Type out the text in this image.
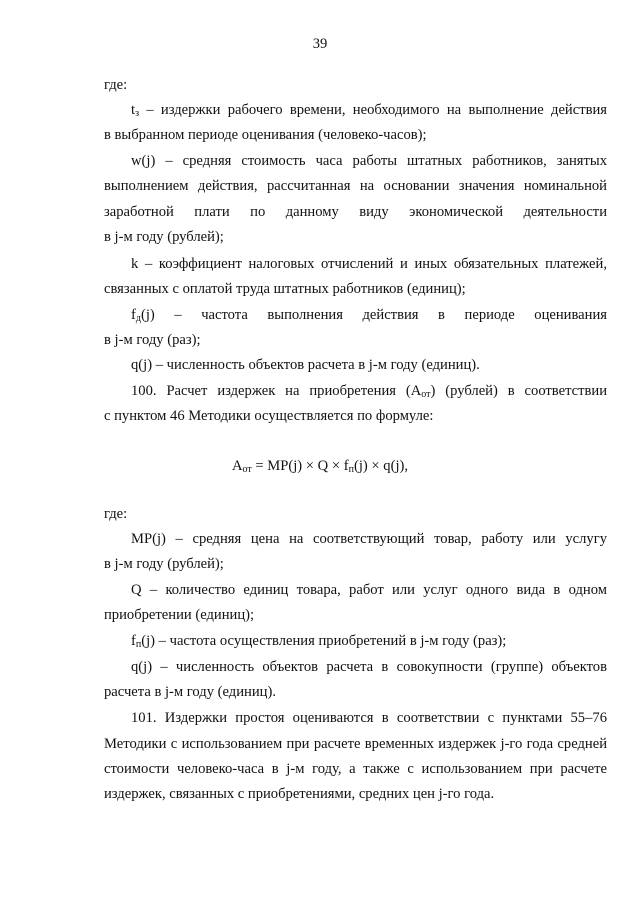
39
где:
$t_з$ – издержки рабочего времени, необходимого на выполнение действия
в выбранном периоде оценивания (человеко-часов);
w(j) – средняя стоимость часа работы штатных работников, занятых
выполнением действия, рассчитанная на основании значения номинальной
заработной плати по данному виду экономической деятельности
в j-м году (рублей);
k – коэффициент налоговых отчислений и иных обязательных платежей,
связанных с оплатой труда штатных работников (единиц);
$f_д(j)$ – частота выполнения действия в периоде оценивания
в j-м году (раз);
q(j) – численность объектов расчета в j-м году (единиц).
100. Расчет издержек на приобретения $(А_{от})$ (рублей) в соответствии
с пунктом 46 Методики осуществляется по формуле:
$А_{от} = МР(j) \times Q \times f_п(j) \times q(j)$,
где:
МР(j) – средняя цена на соответствующий товар, работу или услугу
в j-м году (рублей);
Q – количество единиц товара, работ или услуг одного вида в одном
приобретении (единиц);
$f_п(j)$ – частота осуществления приобретений в j-м году (раз);
q(j) – численность объектов расчета в совокупности (группе) объектов
расчета в j-м году (единиц).
101. Издержки простоя оцениваются в соответствии с пунктами 55–76
Методики с использованием при расчете временных издержек j-го года средней
стоимости человеко-часа в j-м году, а также с использованием при расчете
издержек, связанных с приобретениями, средних цен j-го года.
